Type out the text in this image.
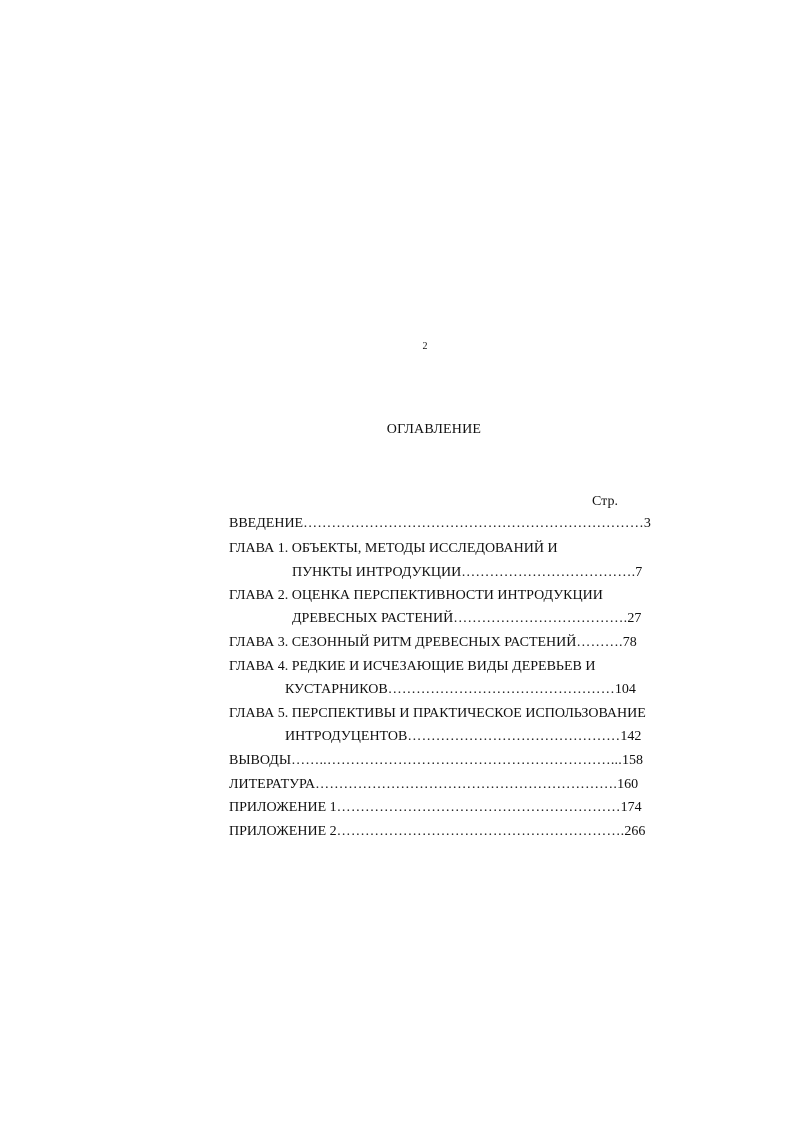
2
ОГЛАВЛЕНИЕ
Стр.
ВВЕДЕНИЕ………………………………………………………………3
ГЛАВА 1. ОБЪЕКТЫ, МЕТОДЫ ИССЛЕДОВАНИЙ И
ПУНКТЫ ИНТРОДУКЦИИ……………………………….7
ГЛАВА 2. ОЦЕНКА ПЕРСПЕКТИВНОСТИ ИНТРОДУКЦИИ
ДРЕВЕСНЫХ РАСТЕНИЙ……………………………….27
ГЛАВА 3. СЕЗОННЫЙ РИТМ ДРЕВЕСНЫХ РАСТЕНИЙ……….78
ГЛАВА 4. РЕДКИЕ И ИСЧЕЗАЮЩИЕ ВИДЫ ДЕРЕВЬЕВ И
КУСТАРНИКОВ…………………………………………104
ГЛАВА 5. ПЕРСПЕКТИВЫ И ПРАКТИЧЕСКОЕ ИСПОЛЬЗОВАНИЕ
ИНТРОДУЦЕНТОВ………………………………………142
ВЫВОДЫ……..……………………………………………………...158
ЛИТЕРАТУРА……………………………………………………….160
ПРИЛОЖЕНИЕ 1……………………………………………………174
ПРИЛОЖЕНИЕ 2…………………………………………………….266
